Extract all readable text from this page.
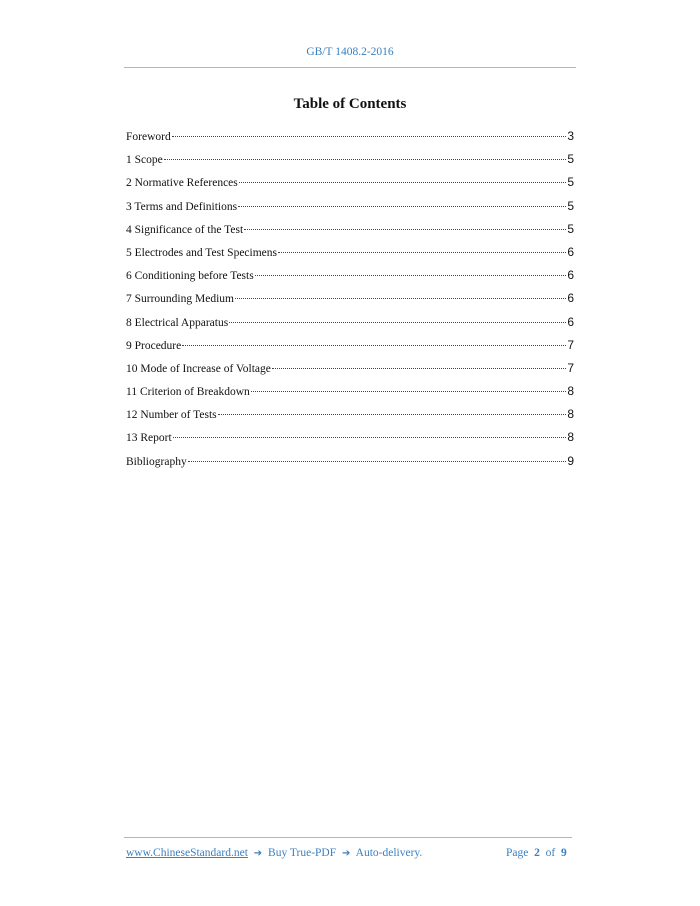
GB/T 1408.2-2016
Table of Contents
Foreword	3
1 Scope	5
2 Normative References	5
3 Terms and Definitions	5
4 Significance of the Test	5
5 Electrodes and Test Specimens	6
6 Conditioning before Tests	6
7 Surrounding Medium	6
8 Electrical Apparatus	6
9 Procedure	7
10 Mode of Increase of Voltage	7
11 Criterion of Breakdown	8
12 Number of Tests	8
13 Report	8
Bibliography	9
www.ChineseStandard.net ➔ Buy True-PDF ➔ Auto-delivery.	Page 2 of 9
